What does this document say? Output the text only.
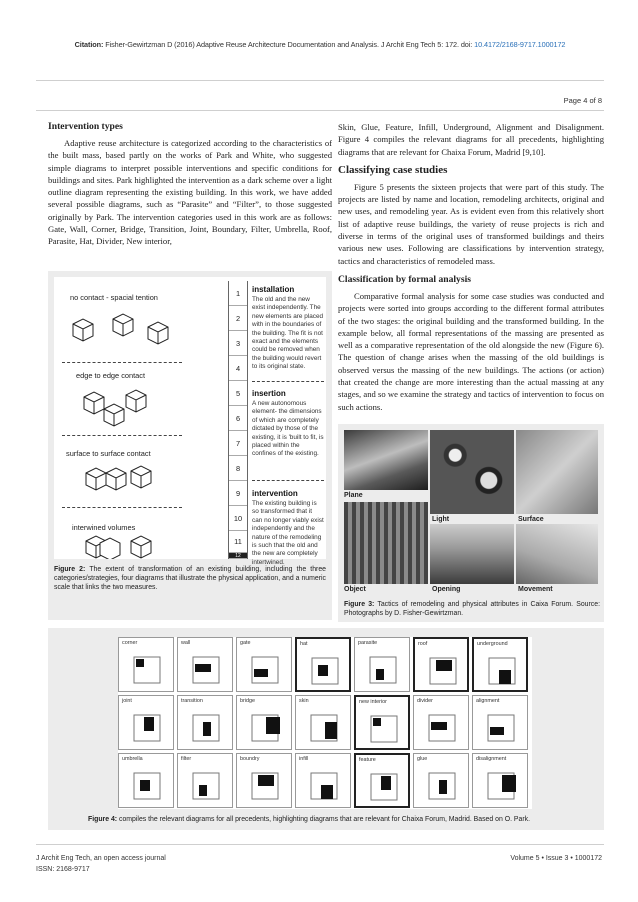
Citation: Fisher-Gewirtzman D (2016) Adaptive Reuse Architecture Documentation and Analysis. J Archit Eng Tech 5: 172. doi: 10.4172/2168-9717.1000172
Page 4 of 8
Intervention types

Adaptive reuse architecture is categorized according to the characteristics of the built mass, based partly on the works of Park and White, who suggested simple diagrams to interpret possible interventions and specific conditions for buildings and sites. Park highlighted the intervention as a dark scheme over a light outline diagram representing the existing building. In this work, we have added several possible diagrams, such as “Parasite” and “Filter”, to those suggested originally by Park. The intervention categories used in this work are as follows: Gate, Wall, Corner, Bridge, Transition, Joint, Boundary, Filter, Umbrella, Roof, Parasite, Hat, Divider, New interior,

Skin, Glue, Feature, Infill, Underground, Alignment and Disalignment. Figure 4 compiles the relevant diagrams for all precedents, highlighting diagrams that are relevant for Chaixa Forum, Madrid [9,10].

Classifying case studies

Figure 5 presents the sixteen projects that were part of this study. The projects are listed by name and location, remodeling architects, original and new uses, and remodeling year. As is evident even from this relatively short list of adaptive reuse buildings, the variety of reuse projects is rich and diverse in terms of the original uses of transformed buildings and theirs various new uses. Following are classifications by intervention strategy, tactics and characteristics of remodeled mass.

Classification by formal analysis

Comparative formal analysis for some case studies was conducted and projects were sorted into groups according to the different formal attributes of the two stages: the original building and the transformed building. In the example below, all formal representations of the massing are presented as well as a comparative representation of the old alongside the new (Figure 6). The question of change arises when the massing of the old buildings is observed versus the massing of the new buildings. The actions (or action) that created the change are more interesting than the actual massing at any stages, and so we examine the strategy and tactics of intervention to focus on such actions.

no contact - spacial tention
edge to edge contact
surface to surface contact
interwined volumes
1
2
3
4
5
6
7
8
9
10
11
12
installation
The old and the new exist independently. The new elements are placed with in the boundaries of the building. The fit is not exact and the elements could be removed when the building would revert to its original state.
insertion
A new autonomous element- the dimensions of which are completely dictated by those of the existing, it is 'built to fit, is placed within the confines of the existing.
intervention
The existing building is so transformed that it can no longer viably exist independently and the nature of the remodeling is such that the old and the new are completely intertwined.
Figure 2: The extent of transformation of an existing building, including the three categories/strategies, four diagrams that illustrate the physical application, and a numeric scale that links the two measures.
Plane
Light	Surface
Object	Opening	Movement
Figure 3: Tactics of remodeling and physical attributes in Caixa Forum. Source: Photographs by D. Fisher-Gewirtzman.
corner	wall	gate	hat	parasite	roof	underground
joint	transition	bridge	skin	new interior	divider	alignment
umbrella	filter	boundry	infill	feature	glue	disalignment
Figure 4: compiles the relevant diagrams for all precedents, highlighting diagrams that are relevant for Chaixa Forum, Madrid. Based on O. Park.
J Archit Eng Tech, an open access journal
ISSN: 2168-9717
Volume 5 • Issue 3 • 1000172
